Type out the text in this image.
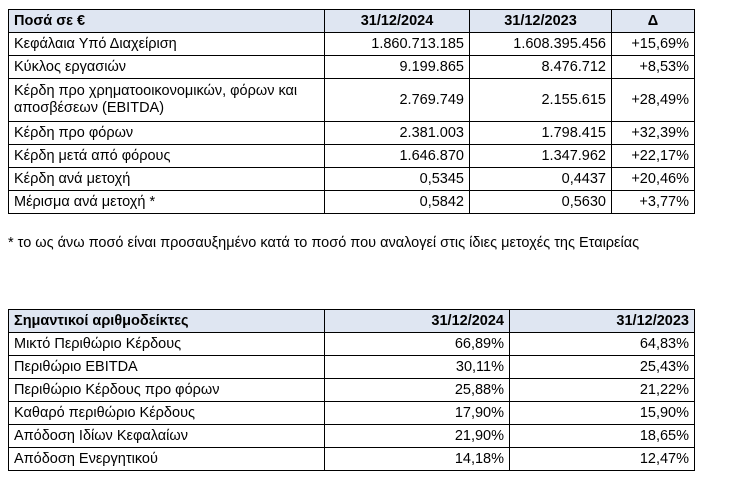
Ποσά σε €	31/12/2024	31/12/2023	Δ
Κεφάλαια Υπό Διαχείριση	1.860.713.185	1.608.395.456	+15,69%
Κύκλος εργασιών	9.199.865	8.476.712	+8,53%
Κέρδη προ χρηματοοικονομικών, φόρων και αποσβέσεων (EBITDA)	2.769.749	2.155.615	+28,49%
Κέρδη προ φόρων	2.381.003	1.798.415	+32,39%
Κέρδη μετά από φόρους	1.646.870	1.347.962	+22,17%
Κέρδη ανά μετοχή	0,5345	0,4437	+20,46%
Μέρισμα ανά μετοχή *	0,5842	0,5630	+3,77%
* το ως άνω ποσό είναι προσαυξημένο κατά το ποσό που αναλογεί στις ίδιες μετοχές της Εταιρείας
Σημαντικοί αριθμοδείκτες	31/12/2024	31/12/2023
Μικτό Περιθώριο Κέρδους	66,89%	64,83%
Περιθώριο EBITDA	30,11%	25,43%
Περιθώριο Κέρδους προ φόρων	25,88%	21,22%
Καθαρό περιθώριο Κέρδους	17,90%	15,90%
Απόδοση Ιδίων Κεφαλαίων	21,90%	18,65%
Απόδοση Ενεργητικού	14,18%	12,47%
